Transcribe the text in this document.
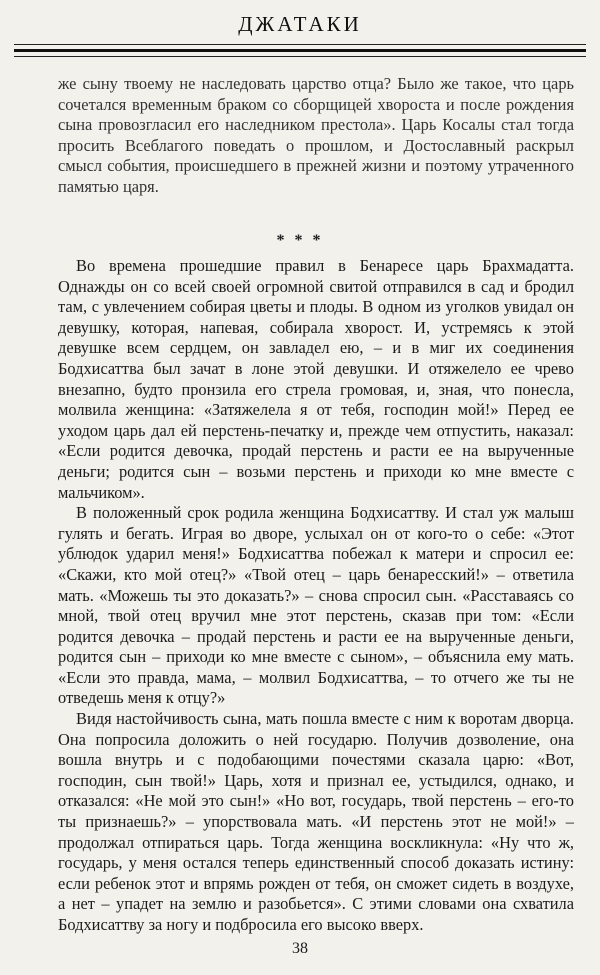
ДЖАТАКИ

же сыну твоему не наследовать царство отца? Было же такое, что царь сочетался временным браком со сборщицей хвороста и после рождения сына провозгласил его наследником престола». Царь Косалы стал тогда просить Всеблагого поведать о прошлом, и Достославный раскрыл смысл события, происшедшего в прежней жизни и поэтому утраченного памятью царя.

* * *

Во времена прошедшие правил в Бенаресе царь Брахмадатта. Однажды он со всей своей огромной свитой отправился в сад и бродил там, с увлечением собирая цветы и плоды. В одном из уголков увидал он девушку, которая, напевая, собирала хворост. И, устремясь к этой девушке всем сердцем, он завладел ею, – и в миг их соединения Бодхисаттва был зачат в лоне этой девушки. И отяжелело ее чрево внезапно, будто пронзила его стрела громовая, и, зная, что понесла, молвила женщина: «Затяжелела я от тебя, господин мой!» Перед ее уходом царь дал ей перстень-печатку и, прежде чем отпустить, наказал: «Если родится девочка, продай перстень и расти ее на вырученные деньги; родится сын – возьми перстень и приходи ко мне вместе с мальчиком».

В положенный срок родила женщина Бодхисаттву. И стал уж малыш гулять и бегать. Играя во дворе, услыхал он от кого-то о себе: «Этот ублюдок ударил меня!» Бодхисаттва побежал к матери и спросил ее: «Скажи, кто мой отец?» «Твой отец – царь бенаресский!» – ответила мать. «Можешь ты это доказать?» – снова спросил сын. «Расставаясь со мной, твой отец вручил мне этот перстень, сказав при том: «Если родится девочка – продай перстень и расти ее на вырученные деньги, родится сын – приходи ко мне вместе с сыном», – объяснила ему мать. «Если это правда, мама, – молвил Бодхисаттва, – то отчего же ты не отведешь меня к отцу?»

Видя настойчивость сына, мать пошла вместе с ним к воротам дворца. Она попросила доложить о ней государю. Получив дозволение, она вошла внутрь и с подобающими почестями сказала царю: «Вот, господин, сын твой!» Царь, хотя и признал ее, устыдился, однако, и отказался: «Не мой это сын!» «Но вот, государь, твой перстень – его-то ты признаешь?» – упорствовала мать. «И перстень этот не мой!» – продолжал отпираться царь. Тогда женщина воскликнула: «Ну что ж, государь, у меня остался теперь единственный способ доказать истину: если ребенок этот и впрямь рожден от тебя, он сможет сидеть в воздухе, а нет – упадет на землю и разобьется». С этими словами она схватила Бодхисаттву за ногу и подбросила его высоко вверх.

38
